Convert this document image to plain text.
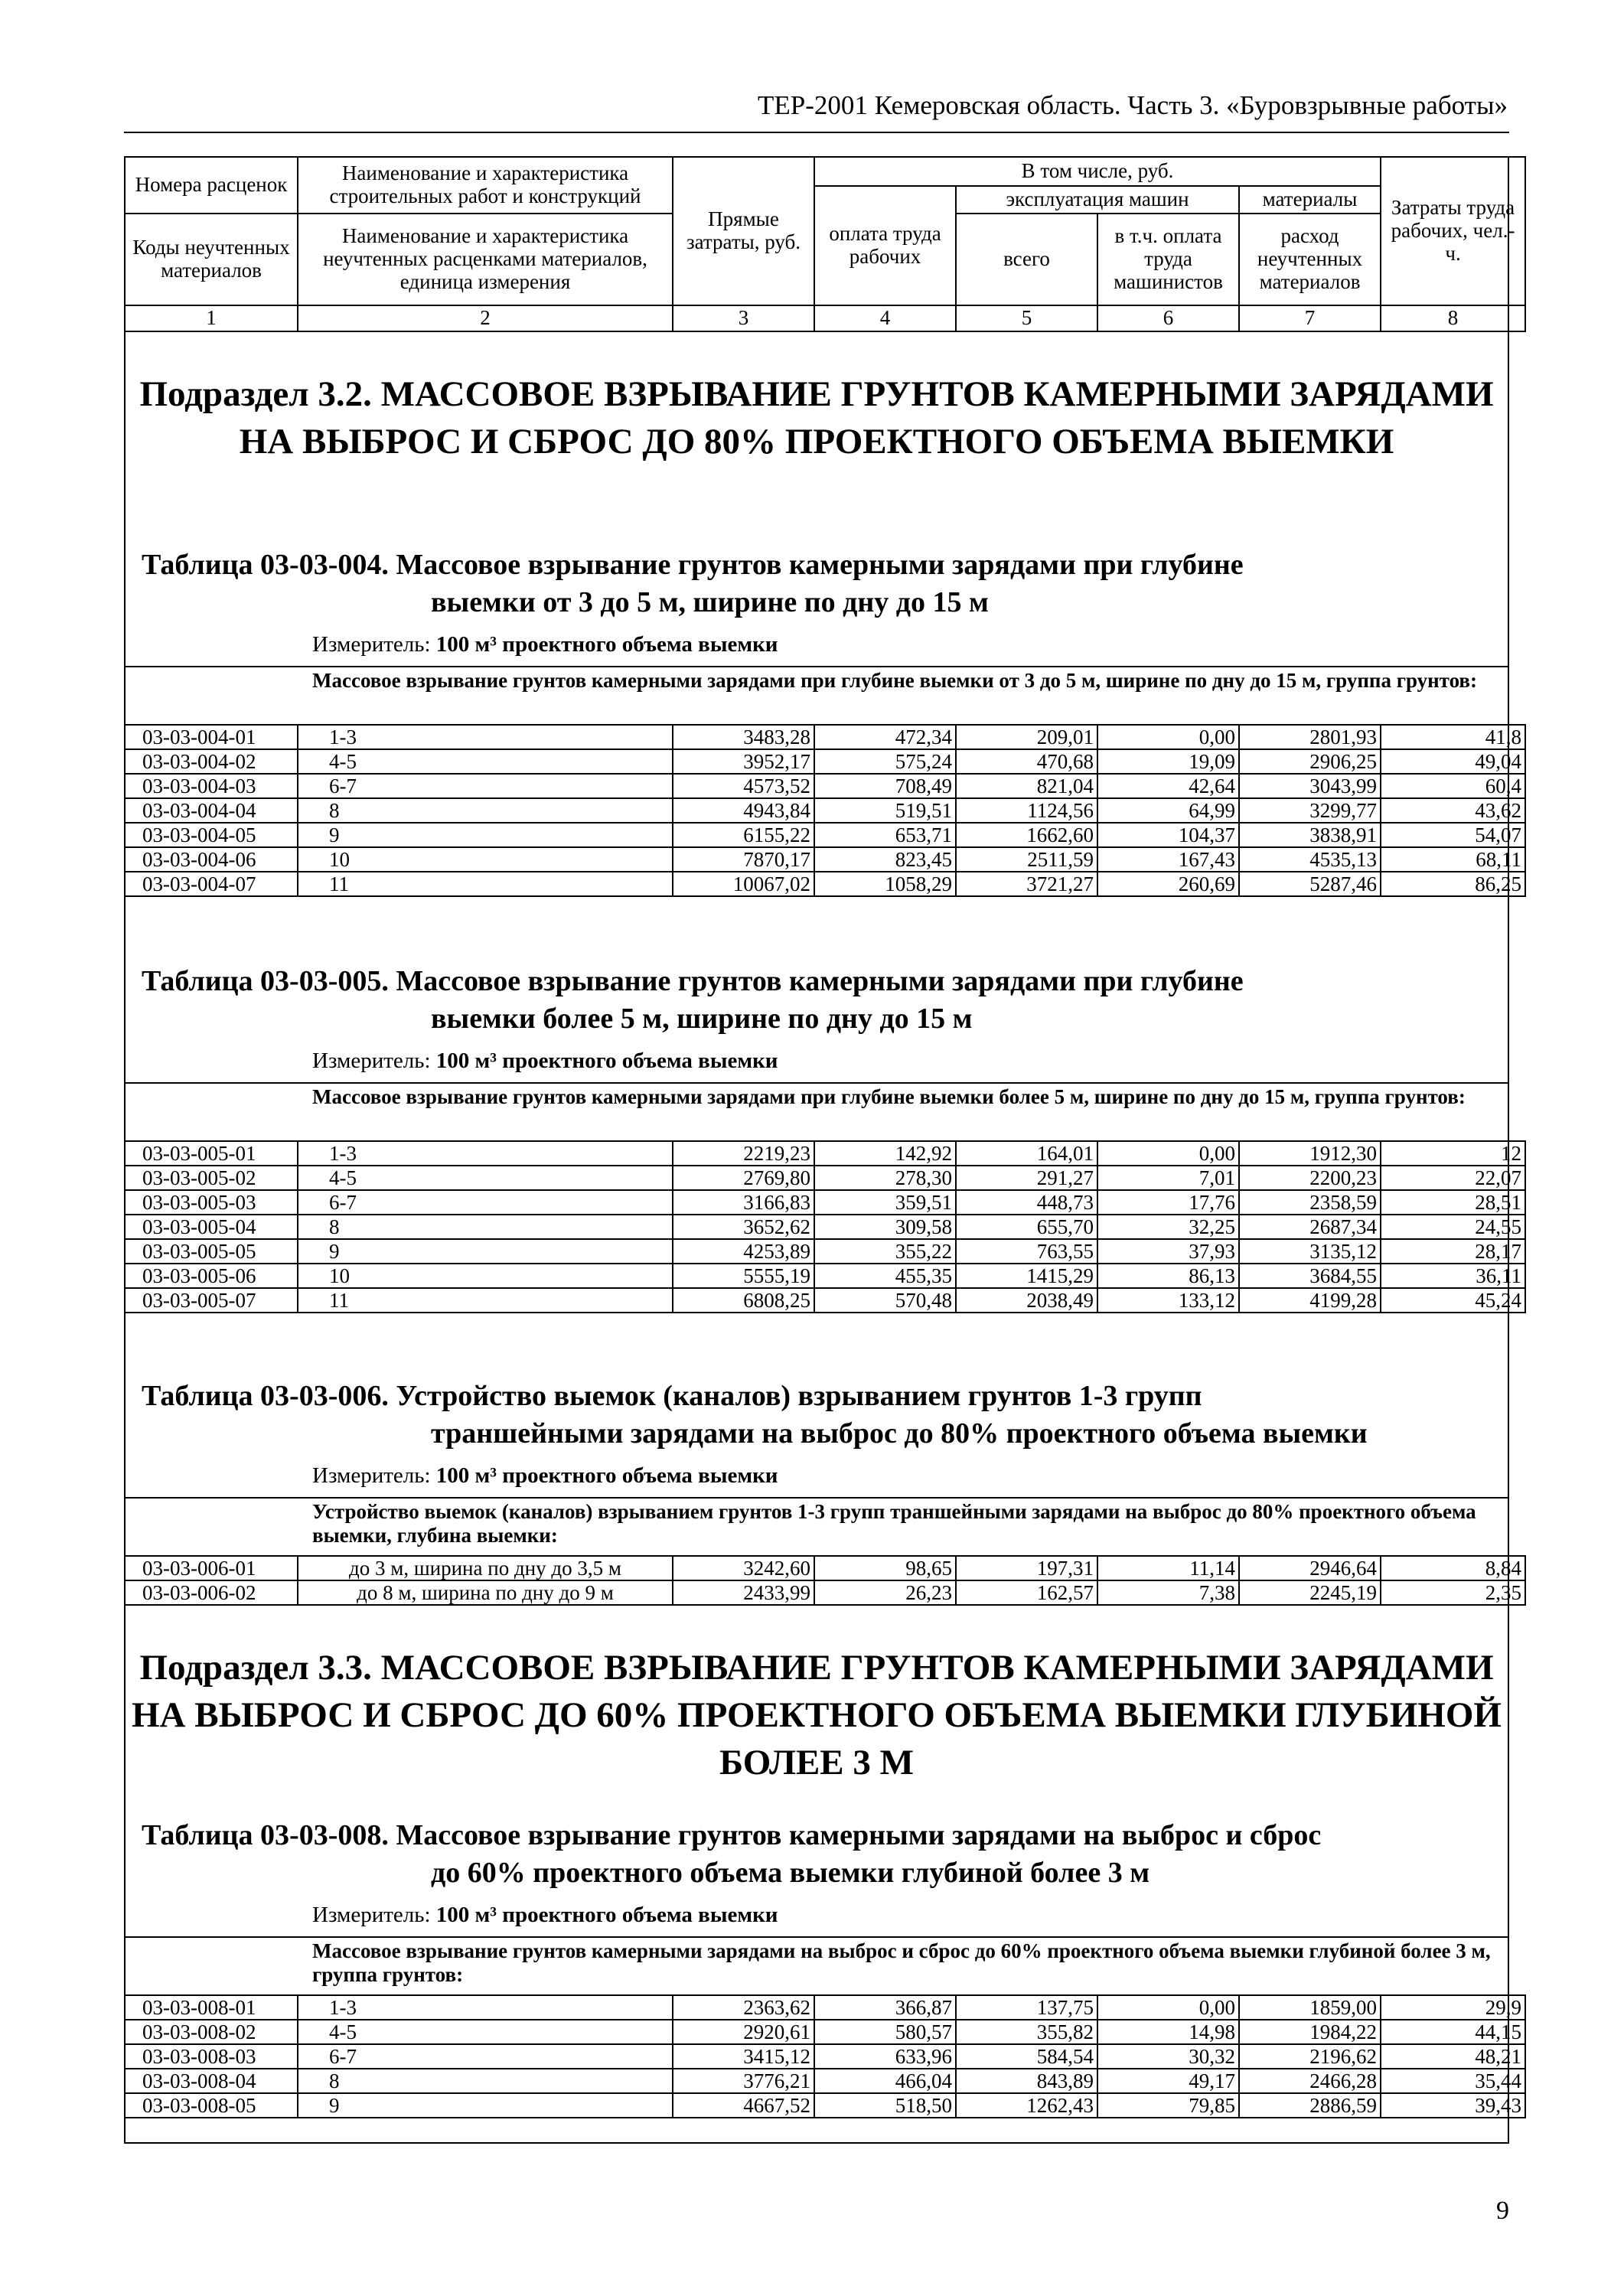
ТЕР-2001 Кемеровская область. Часть 3. «Буровзрывные работы»
Номера расценок	Наименование и характеристика строительных работ и конструкций	Прямые затраты, руб.	В том числе, руб.				Затраты труда рабочих, чел.-ч.
			оплата труда рабочих	эксплуатация машин		материалы	
Коды неучтенных материалов	Наименование и характеристика неучтенных расценками материалов, единица измерения			всего	в т.ч. оплата труда машинистов	расход неучтенных материалов	

1	2	3	4	5	6	7	8
Подраздел 3.2. МАССОВОЕ ВЗРЫВАНИЕ ГРУНТОВ КАМЕРНЫМИ ЗАРЯДАМИ НА ВЫБРОС И СБРОС ДО 80% ПРОЕКТНОГО ОБЪЕМА ВЫЕМКИ
Таблица 03-03-004. Массовое взрывание грунтов камерными зарядами при глубине
выемки от 3 до 5 м, ширине по дну до 15 м
Измеритель: 100 м³ проектного объема выемки
Массовое взрывание грунтов камерными зарядами при глубине выемки от 3 до 5 м, ширине по дну до 15 м, группа грунтов:
03-03-004-01	1-3	3483,28	472,34	209,01	0,00	2801,93	41,8
03-03-004-02	4-5	3952,17	575,24	470,68	19,09	2906,25	49,04
03-03-004-03	6-7	4573,52	708,49	821,04	42,64	3043,99	60,4
03-03-004-04	8	4943,84	519,51	1124,56	64,99	3299,77	43,62
03-03-004-05	9	6155,22	653,71	1662,60	104,37	3838,91	54,07
03-03-004-06	10	7870,17	823,45	2511,59	167,43	4535,13	68,11
03-03-004-07	11	10067,02	1058,29	3721,27	260,69	5287,46	86,25
Таблица 03-03-005. Массовое взрывание грунтов камерными зарядами при глубине
выемки более 5 м, ширине по дну до 15 м
Измеритель: 100 м³ проектного объема выемки
Массовое взрывание грунтов камерными зарядами при глубине выемки более 5 м, ширине по дну до 15 м, группа грунтов:
03-03-005-01	1-3	2219,23	142,92	164,01	0,00	1912,30	12
03-03-005-02	4-5	2769,80	278,30	291,27	7,01	2200,23	22,07
03-03-005-03	6-7	3166,83	359,51	448,73	17,76	2358,59	28,51
03-03-005-04	8	3652,62	309,58	655,70	32,25	2687,34	24,55
03-03-005-05	9	4253,89	355,22	763,55	37,93	3135,12	28,17
03-03-005-06	10	5555,19	455,35	1415,29	86,13	3684,55	36,11
03-03-005-07	11	6808,25	570,48	2038,49	133,12	4199,28	45,24
Таблица 03-03-006. Устройство выемок (каналов) взрыванием грунтов 1-3 групп
траншейными зарядами на выброс до 80% проектного объема выемки
Измеритель: 100 м³ проектного объема выемки
Устройство выемок (каналов) взрыванием грунтов 1-3 групп траншейными зарядами на выброс до 80% проектного объема выемки, глубина выемки:
03-03-006-01	до 3 м, ширина по дну до 3,5 м	3242,60	98,65	197,31	11,14	2946,64	8,84
03-03-006-02	до 8 м, ширина по дну до 9 м	2433,99	26,23	162,57	7,38	2245,19	2,35
Подраздел 3.3. МАССОВОЕ ВЗРЫВАНИЕ ГРУНТОВ КАМЕРНЫМИ ЗАРЯДАМИ НА ВЫБРОС И СБРОС ДО 60% ПРОЕКТНОГО ОБЪЕМА ВЫЕМКИ ГЛУБИНОЙ БОЛЕЕ 3 М
Таблица 03-03-008. Массовое взрывание грунтов камерными зарядами на выброс и сброс
до 60% проектного объема выемки глубиной более 3 м
Измеритель: 100 м³ проектного объема выемки
Массовое взрывание грунтов камерными зарядами на выброс и сброс до 60% проектного объема выемки глубиной более 3 м, группа грунтов:
03-03-008-01	1-3	2363,62	366,87	137,75	0,00	1859,00	29,9
03-03-008-02	4-5	2920,61	580,57	355,82	14,98	1984,22	44,15
03-03-008-03	6-7	3415,12	633,96	584,54	30,32	2196,62	48,21
03-03-008-04	8	3776,21	466,04	843,89	49,17	2466,28	35,44
03-03-008-05	9	4667,52	518,50	1262,43	79,85	2886,59	39,43
9
